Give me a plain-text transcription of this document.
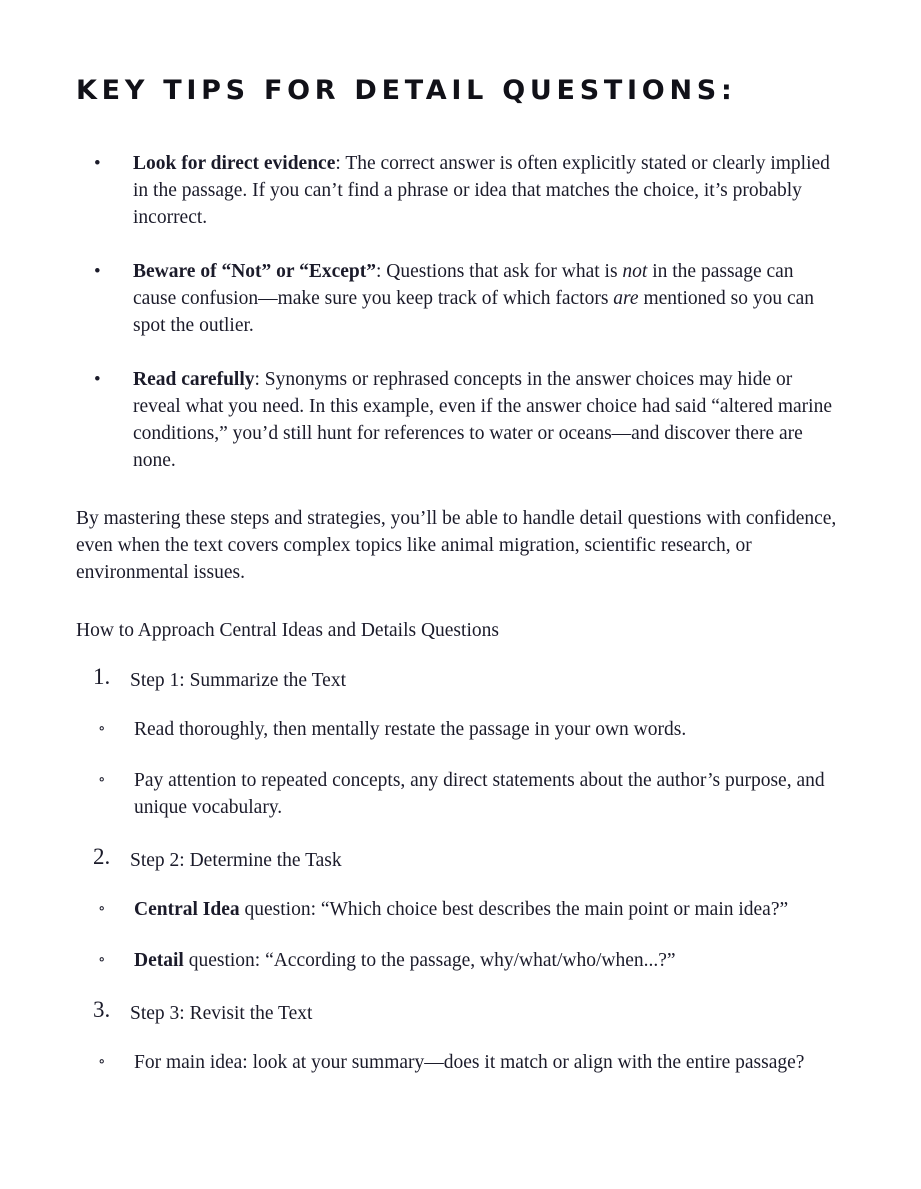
KEY TIPS FOR DETAIL QUESTIONS:
• Look for direct evidence: The correct answer is often explicitly stated or clearly implied in the passage. If you can’t find a phrase or idea that matches the choice, it’s probably incorrect.
• Beware of “Not” or “Except”: Questions that ask for what is not in the passage can cause confusion—make sure you keep track of which factors are mentioned so you can spot the outlier.
• Read carefully: Synonyms or rephrased concepts in the answer choices may hide or reveal what you need. In this example, even if the answer choice had said “altered marine conditions,” you’d still hunt for references to water or oceans—and discover there are none.

By mastering these steps and strategies, you’ll be able to handle detail questions with confidence, even when the text covers complex topics like animal migration, scientific research, or environmental issues.

How to Approach Central Ideas and Details Questions

1. Step 1: Summarize the Text
∘ Read thoroughly, then mentally restate the passage in your own words.
∘ Pay attention to repeated concepts, any direct statements about the author’s purpose, and unique vocabulary.
2. Step 2: Determine the Task
∘ Central Idea question: “Which choice best describes the main point or main idea?”
∘ Detail question: “According to the passage, why/what/who/when...?”
3. Step 3: Revisit the Text
∘ For main idea: look at your summary—does it match or align with the entire passage?
